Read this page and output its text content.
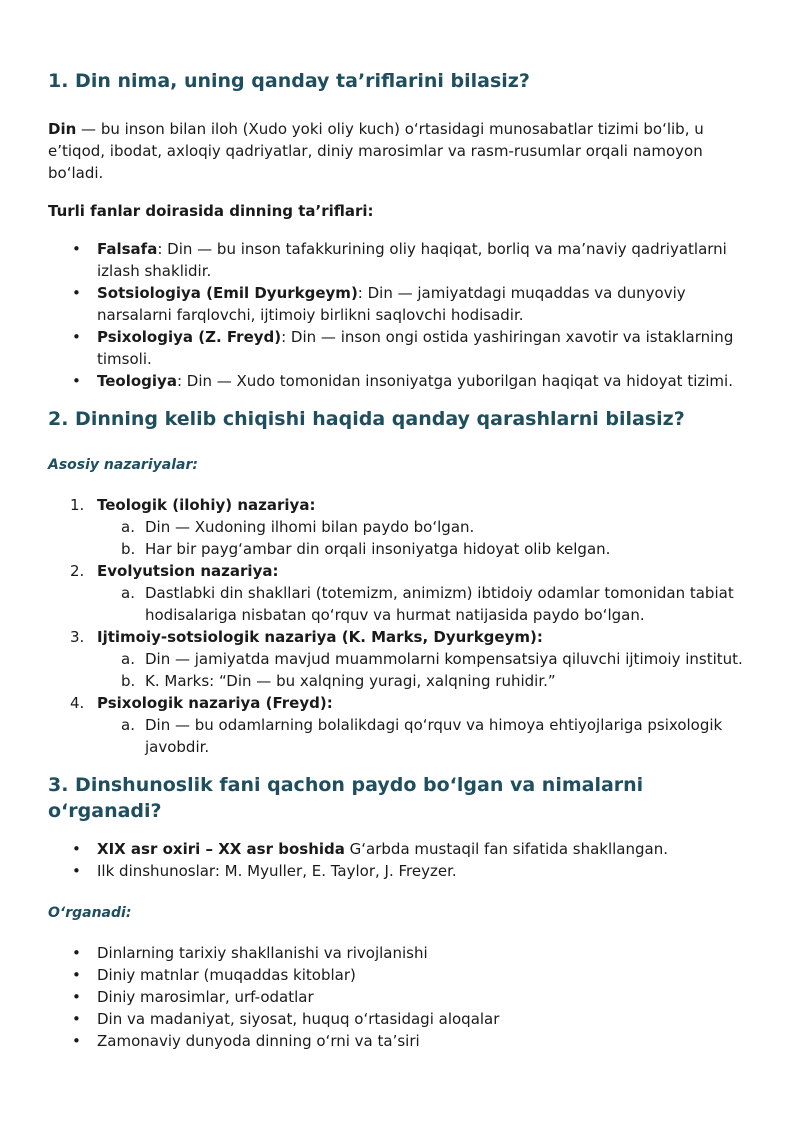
1. Din nima, uning qanday ta’riflarini bilasiz?

Din — bu inson bilan iloh (Xudo yoki oliy kuch) o‘rtasidagi munosabatlar tizimi bo‘lib, u e’tiqod, ibodat, axloqiy qadriyatlar, diniy marosimlar va rasm-rusumlar orqali namoyon bo‘ladi.

Turli fanlar doirasida dinning ta’riflari:

• Falsafa: Din — bu inson tafakkurining oliy haqiqat, borliq va ma’naviy qadriyatlarni izlash shaklidir.
• Sotsiologiya (Emil Dyurkgeym): Din — jamiyatdagi muqaddas va dunyoviy narsalarni farqlovchi, ijtimoiy birlikni saqlovchi hodisadir.
• Psixologiya (Z. Freyd): Din — inson ongi ostida yashiringan xavotir va istaklarning timsoli.
• Teologiya: Din — Xudo tomonidan insoniyatga yuborilgan haqiqat va hidoyat tizimi.
2. Dinning kelib chiqishi haqida qanday qarashlarni bilasiz?

Asosiy nazariyalar:

1. Teologik (ilohiy) nazariya:
a. Din — Xudoning ilhomi bilan paydo bo‘lgan.
b. Har bir payg‘ambar din orqali insoniyatga hidoyat olib kelgan.
2. Evolyutsion nazariya:
a. Dastlabki din shakllari (totemizm, animizm) ibtidoiy odamlar tomonidan tabiat hodisalariga nisbatan qo‘rquv va hurmat natijasida paydo bo‘lgan.
3. Ijtimoiy-sotsiologik nazariya (K. Marks, Dyurkgeym):
a. Din — jamiyatda mavjud muammolarni kompensatsiya qiluvchi ijtimoiy institut.
b. K. Marks: “Din — bu xalqning yuragi, xalqning ruhidir.”
4. Psixologik nazariya (Freyd):
a. Din — bu odamlarning bolalikdagi qo‘rquv va himoya ehtiyojlariga psixologik javobdir.
3. Dinshunoslik fani qachon paydo bo‘lgan va nimalarni o‘rganadi?
• XIX asr oxiri – XX asr boshida G‘arbda mustaqil fan sifatida shakllangan.
• Ilk dinshunoslar: M. Myuller, E. Taylor, J. Freyzer.

O‘rganadi:

• Dinlarning tarixiy shakllanishi va rivojlanishi
• Diniy matnlar (muqaddas kitoblar)
• Diniy marosimlar, urf-odatlar
• Din va madaniyat, siyosat, huquq o‘rtasidagi aloqalar
• Zamonaviy dunyoda dinning o‘rni va ta’siri
